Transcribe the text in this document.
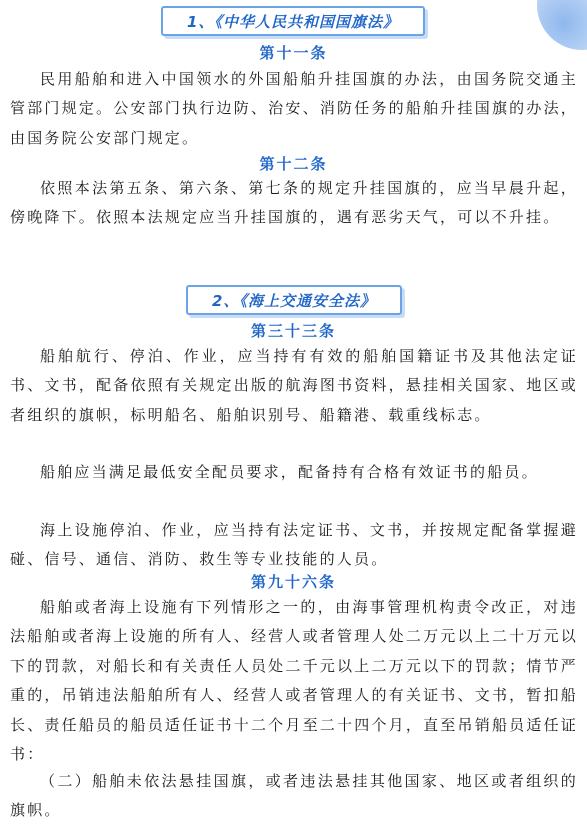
1、《中华人民共和国国旗法》
第十一条

民用船舶和进入中国领水的外国船舶升挂国旗的办法，由国务院交通主管部门规定。公安部门执行边防、治安、消防任务的船舶升挂国旗的办法，由国务院公安部门规定。

第十二条

依照本法第五条、第六条、第七条的规定升挂国旗的，应当早晨升起，傍晚降下。依照本法规定应当升挂国旗的，遇有恶劣天气，可以不升挂。

2、《海上交通安全法》
第三十三条

船舶航行、停泊、作业，应当持有有效的船舶国籍证书及其他法定证书、文书，配备依照有关规定出版的航海图书资料，悬挂相关国家、地区或者组织的旗帜，标明船名、船舶识别号、船籍港、载重线标志。

船舶应当满足最低安全配员要求，配备持有合格有效证书的船员。

海上设施停泊、作业，应当持有法定证书、文书，并按规定配备掌握避碰、信号、通信、消防、救生等专业技能的人员。

第九十六条

船舶或者海上设施有下列情形之一的，由海事管理机构责令改正，对违法船舶或者海上设施的所有人、经营人或者管理人处二万元以上二十万元以下的罚款，对船长和有关责任人员处二千元以上二万元以下的罚款；情节严重的，吊销违法船舶所有人、经营人或者管理人的有关证书、文书，暂扣船长、责任船员的船员适任证书十二个月至二十四个月，直至吊销船员适任证书：

（二）船舶未依法悬挂国旗，或者违法悬挂其他国家、地区或者组织的旗帜。
